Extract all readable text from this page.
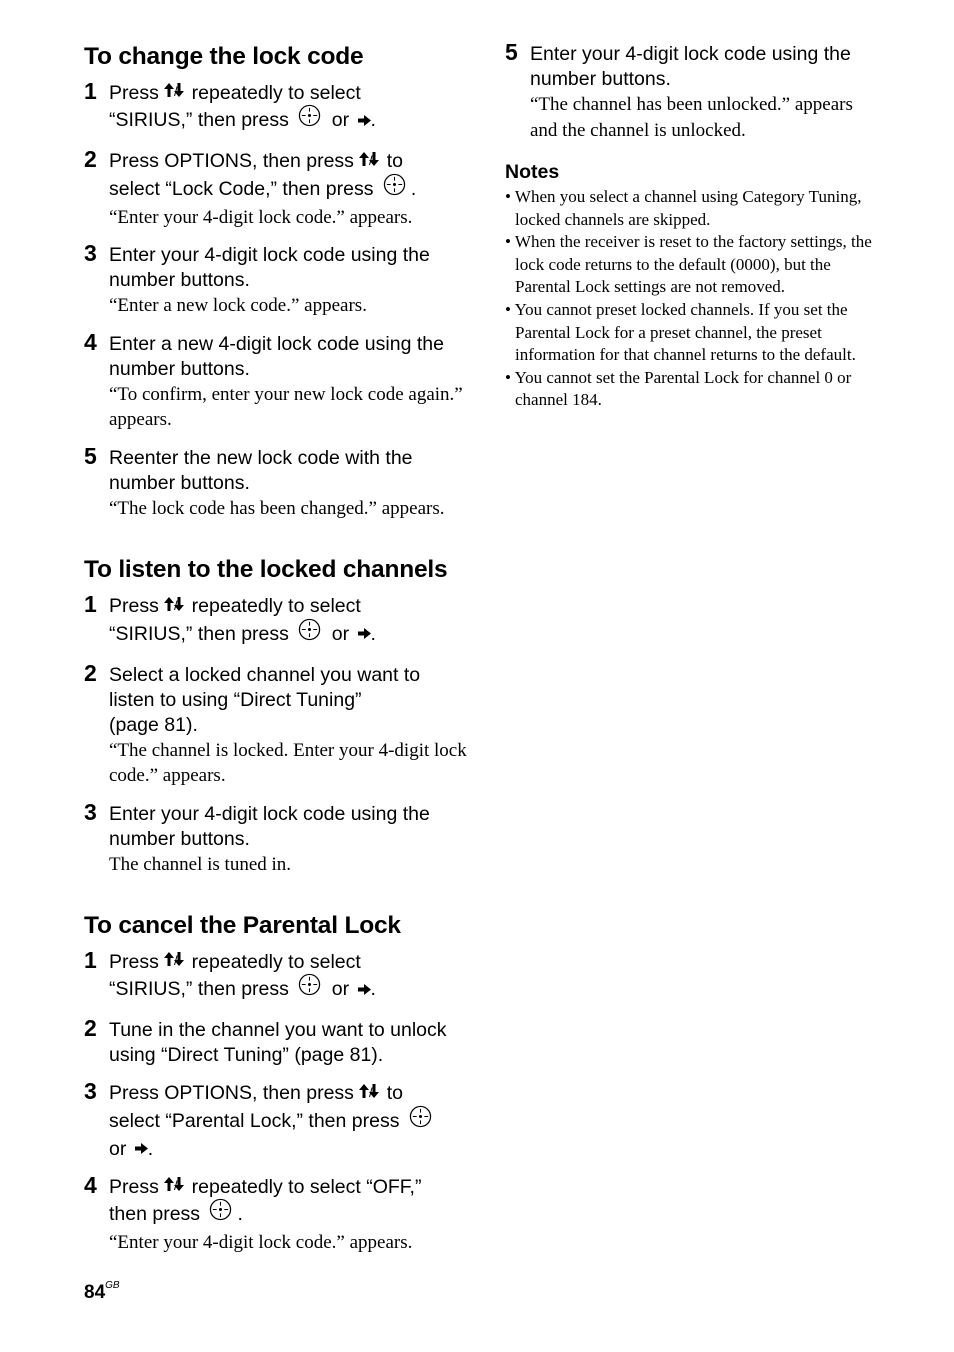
To change the lock code
1 Press / repeatedly to select
“SIRIUS,” then press  or .
2 Press OPTIONS, then press / to
select “Lock Code,” then press .
“Enter your 4-digit lock code.” appears.
3 Enter your 4-digit lock code using the number buttons.
“Enter a new lock code.” appears.
4 Enter a new 4-digit lock code using the number buttons.
“To confirm, enter your new lock code again.” appears.
5 Reenter the new lock code with the number buttons.
“The lock code has been changed.” appears.
To listen to the locked channels
1 Press / repeatedly to select
“SIRIUS,” then press  or .
2 Select a locked channel you want to listen to using “Direct Tuning”
(page 81).
“The channel is locked. Enter your 4-digit lock code.” appears.
3 Enter your 4-digit lock code using the number buttons.
The channel is tuned in.
To cancel the Parental Lock
1 Press / repeatedly to select
“SIRIUS,” then press  or .
2 Tune in the channel you want to unlock using “Direct Tuning” (page 81).
3 Press OPTIONS, then press / to
select “Parental Lock,” then press
or .
4 Press / repeatedly to select “OFF,”
then press .
“Enter your 4-digit lock code.” appears.
5 Enter your 4-digit lock code using the number buttons.
“The channel has been unlocked.” appears and the channel is unlocked.
Notes
• When you select a channel using Category Tuning, locked channels are skipped.
• When the receiver is reset to the factory settings, the lock code returns to the default (0000), but the Parental Lock settings are not removed.
• You cannot preset locked channels. If you set the Parental Lock for a preset channel, the preset information for that channel returns to the default.
• You cannot set the Parental Lock for channel 0 or channel 184.
$84^{GB}$
